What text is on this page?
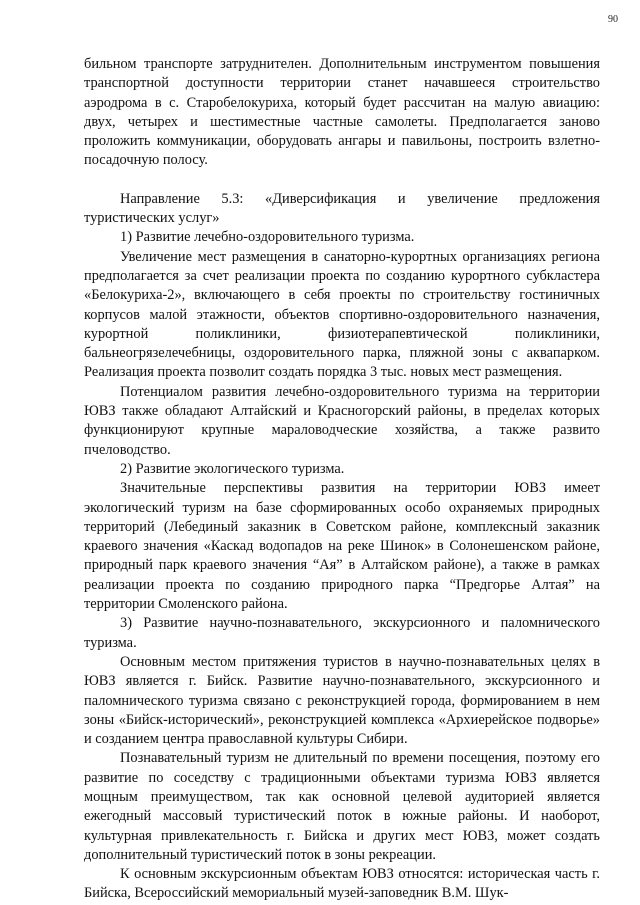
90

бильном транспорте затруднителен. Дополнительным инструментом повышения транспортной доступности территории станет начавшееся строительство аэродрома в с. Старобелокуриха, который будет рассчитан на малую авиацию: двух, четырех и шестиместные частные самолеты. Предполагается заново проложить коммуникации, оборудовать ангары и павильоны, построить взлетно-посадочную полосу.

Направление 5.3: «Диверсификация и увеличение предложения туристических услуг»

1) Развитие лечебно-оздоровительного туризма.

Увеличение мест размещения в санаторно-курортных организациях региона предполагается за счет реализации проекта по созданию курортного субкластера «Белокуриха-2», включающего в себя проекты по строительству гостиничных корпусов малой этажности, объектов спортивно-оздоровительного назначения, курортной поликлиники, физиотерапевтической поликлиники, бальнеогрязелечебницы, оздоровительного парка, пляжной зоны с аквапарком. Реализация проекта позволит создать порядка 3 тыс. новых мест размещения.

Потенциалом развития лечебно-оздоровительного туризма на территории ЮВЗ также обладают Алтайский и Красногорский районы, в пределах которых функционируют крупные мараловодческие хозяйства, а также развито пчеловодство.

2) Развитие экологического туризма.

Значительные перспективы развития на территории ЮВЗ имеет экологический туризм на базе сформированных особо охраняемых природных территорий (Лебединый заказник в Советском районе, комплексный заказник краевого значения «Каскад водопадов на реке Шинок» в Солонешенском районе, природный парк краевого значения “Ая” в Алтайском районе), а также в рамках реализации проекта по созданию природного парка “Предгорье Алтая” на территории Смоленского района.

3) Развитие научно-познавательного, экскурсионного и паломнического туризма.

Основным местом притяжения туристов в научно-познавательных целях в ЮВЗ является г. Бийск. Развитие научно-познавательного, экскурсионного и паломнического туризма связано с реконструкцией города, формированием в нем зоны «Бийск-исторический», реконструкцией комплекса «Архиерейское подворье» и созданием центра православной культуры Сибири.

Познавательный туризм не длительный по времени посещения, поэтому его развитие по соседству с традиционными объектами туризма ЮВЗ является мощным преимуществом, так как основной целевой аудиторией является ежегодный массовый туристический поток в южные районы. И наоборот, культурная привлекательность г. Бийска и других мест ЮВЗ, может создать дополнительный туристический поток в зоны рекреации.

К основным экскурсионным объектам ЮВЗ относятся: историческая часть г. Бийска, Всероссийский мемориальный музей-заповедник В.М. Шук-
